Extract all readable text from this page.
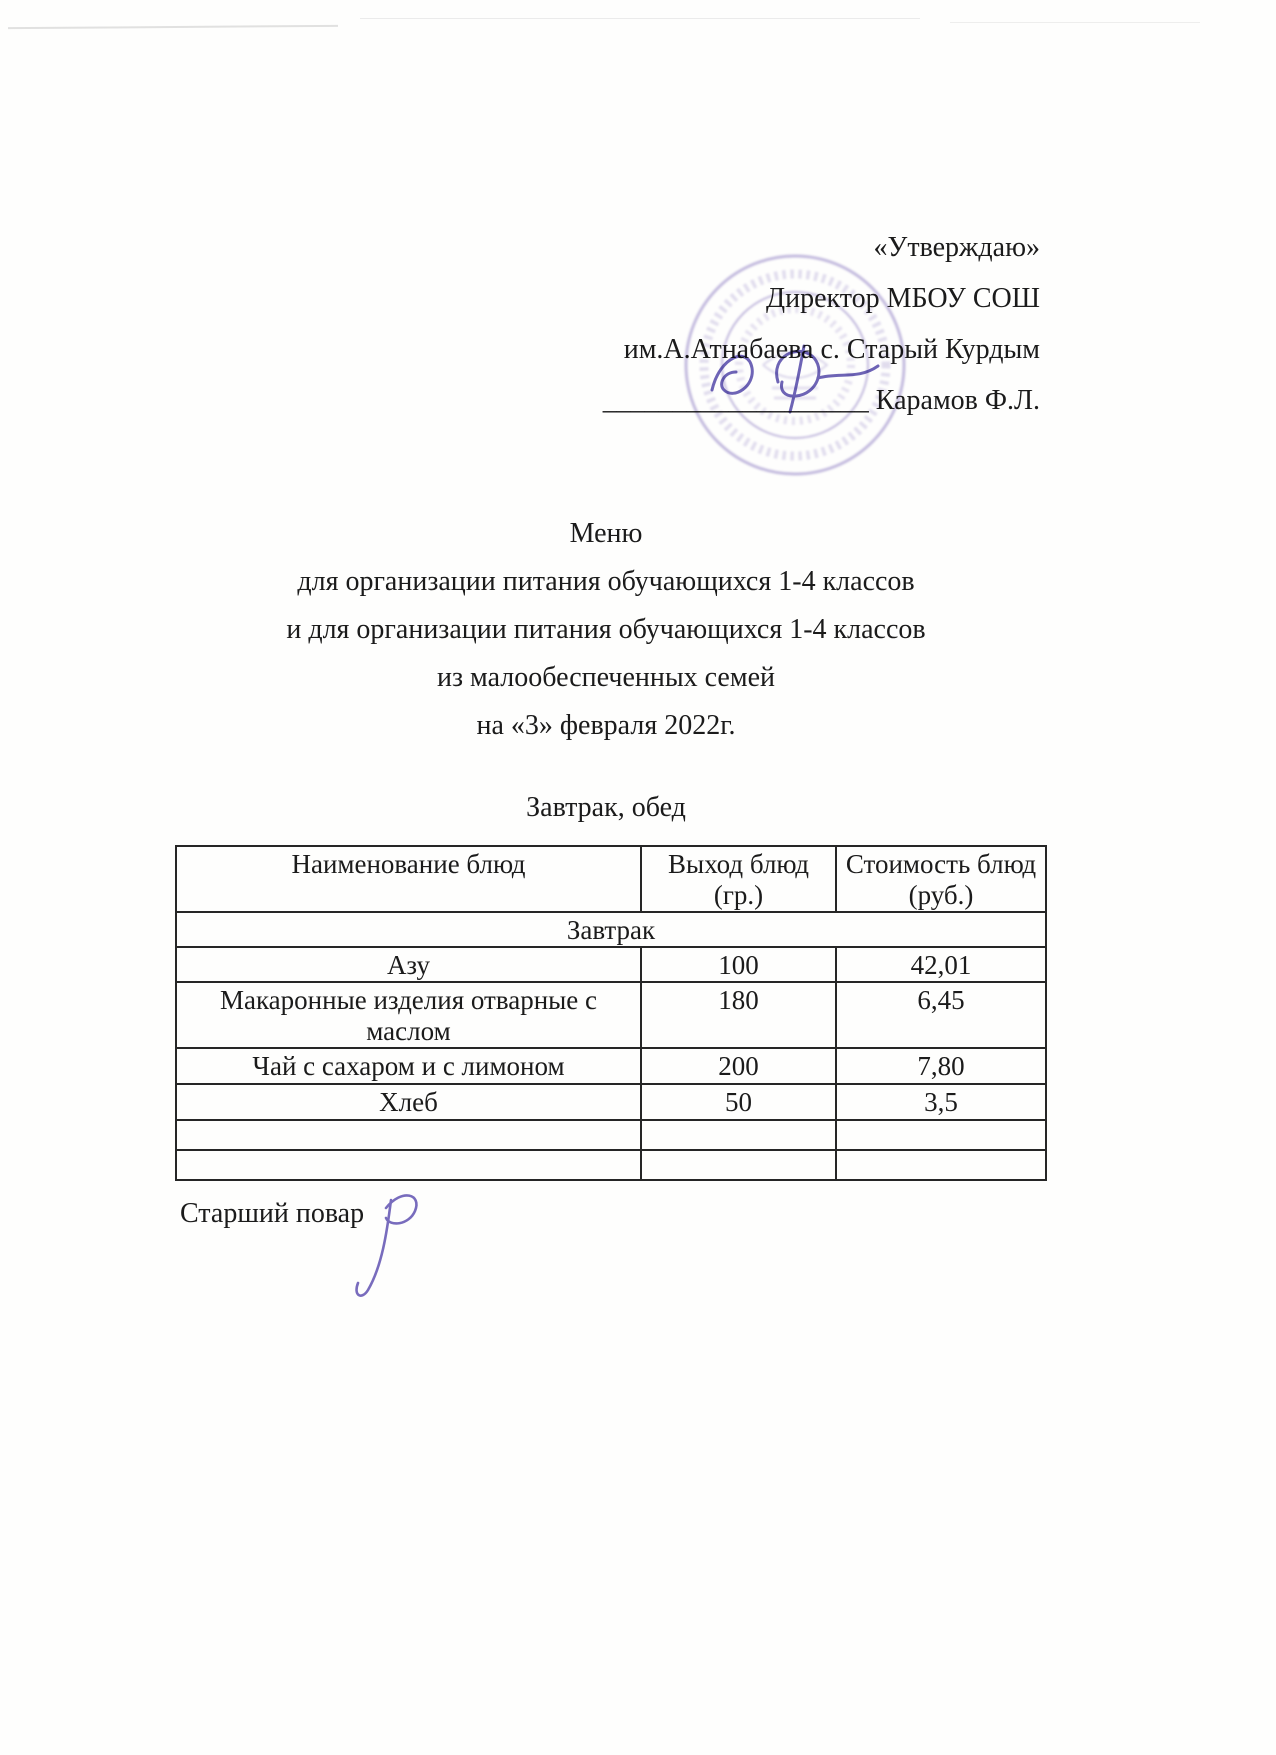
«Утверждаю»
Директор МБОУ СОШ
им.А.Атнабаева с. Старый Курдым
___________________ Карамов Ф.Л.
Меню
для организации питания обучающихся 1-4 классов
и для организации питания обучающихся 1-4 классов
из малообеспеченных семей
на «3» февраля 2022г.
Завтрак, обед
Наименование блюд	Выход блюд (гр.)	Стоимость блюд (руб.)
Завтрак		
Азу	100	42,01
Макаронные изделия отварные с маслом	180	6,45
Чай с сахаром и с лимоном	200	7,80
Хлеб	50	3,5

Старший повар
